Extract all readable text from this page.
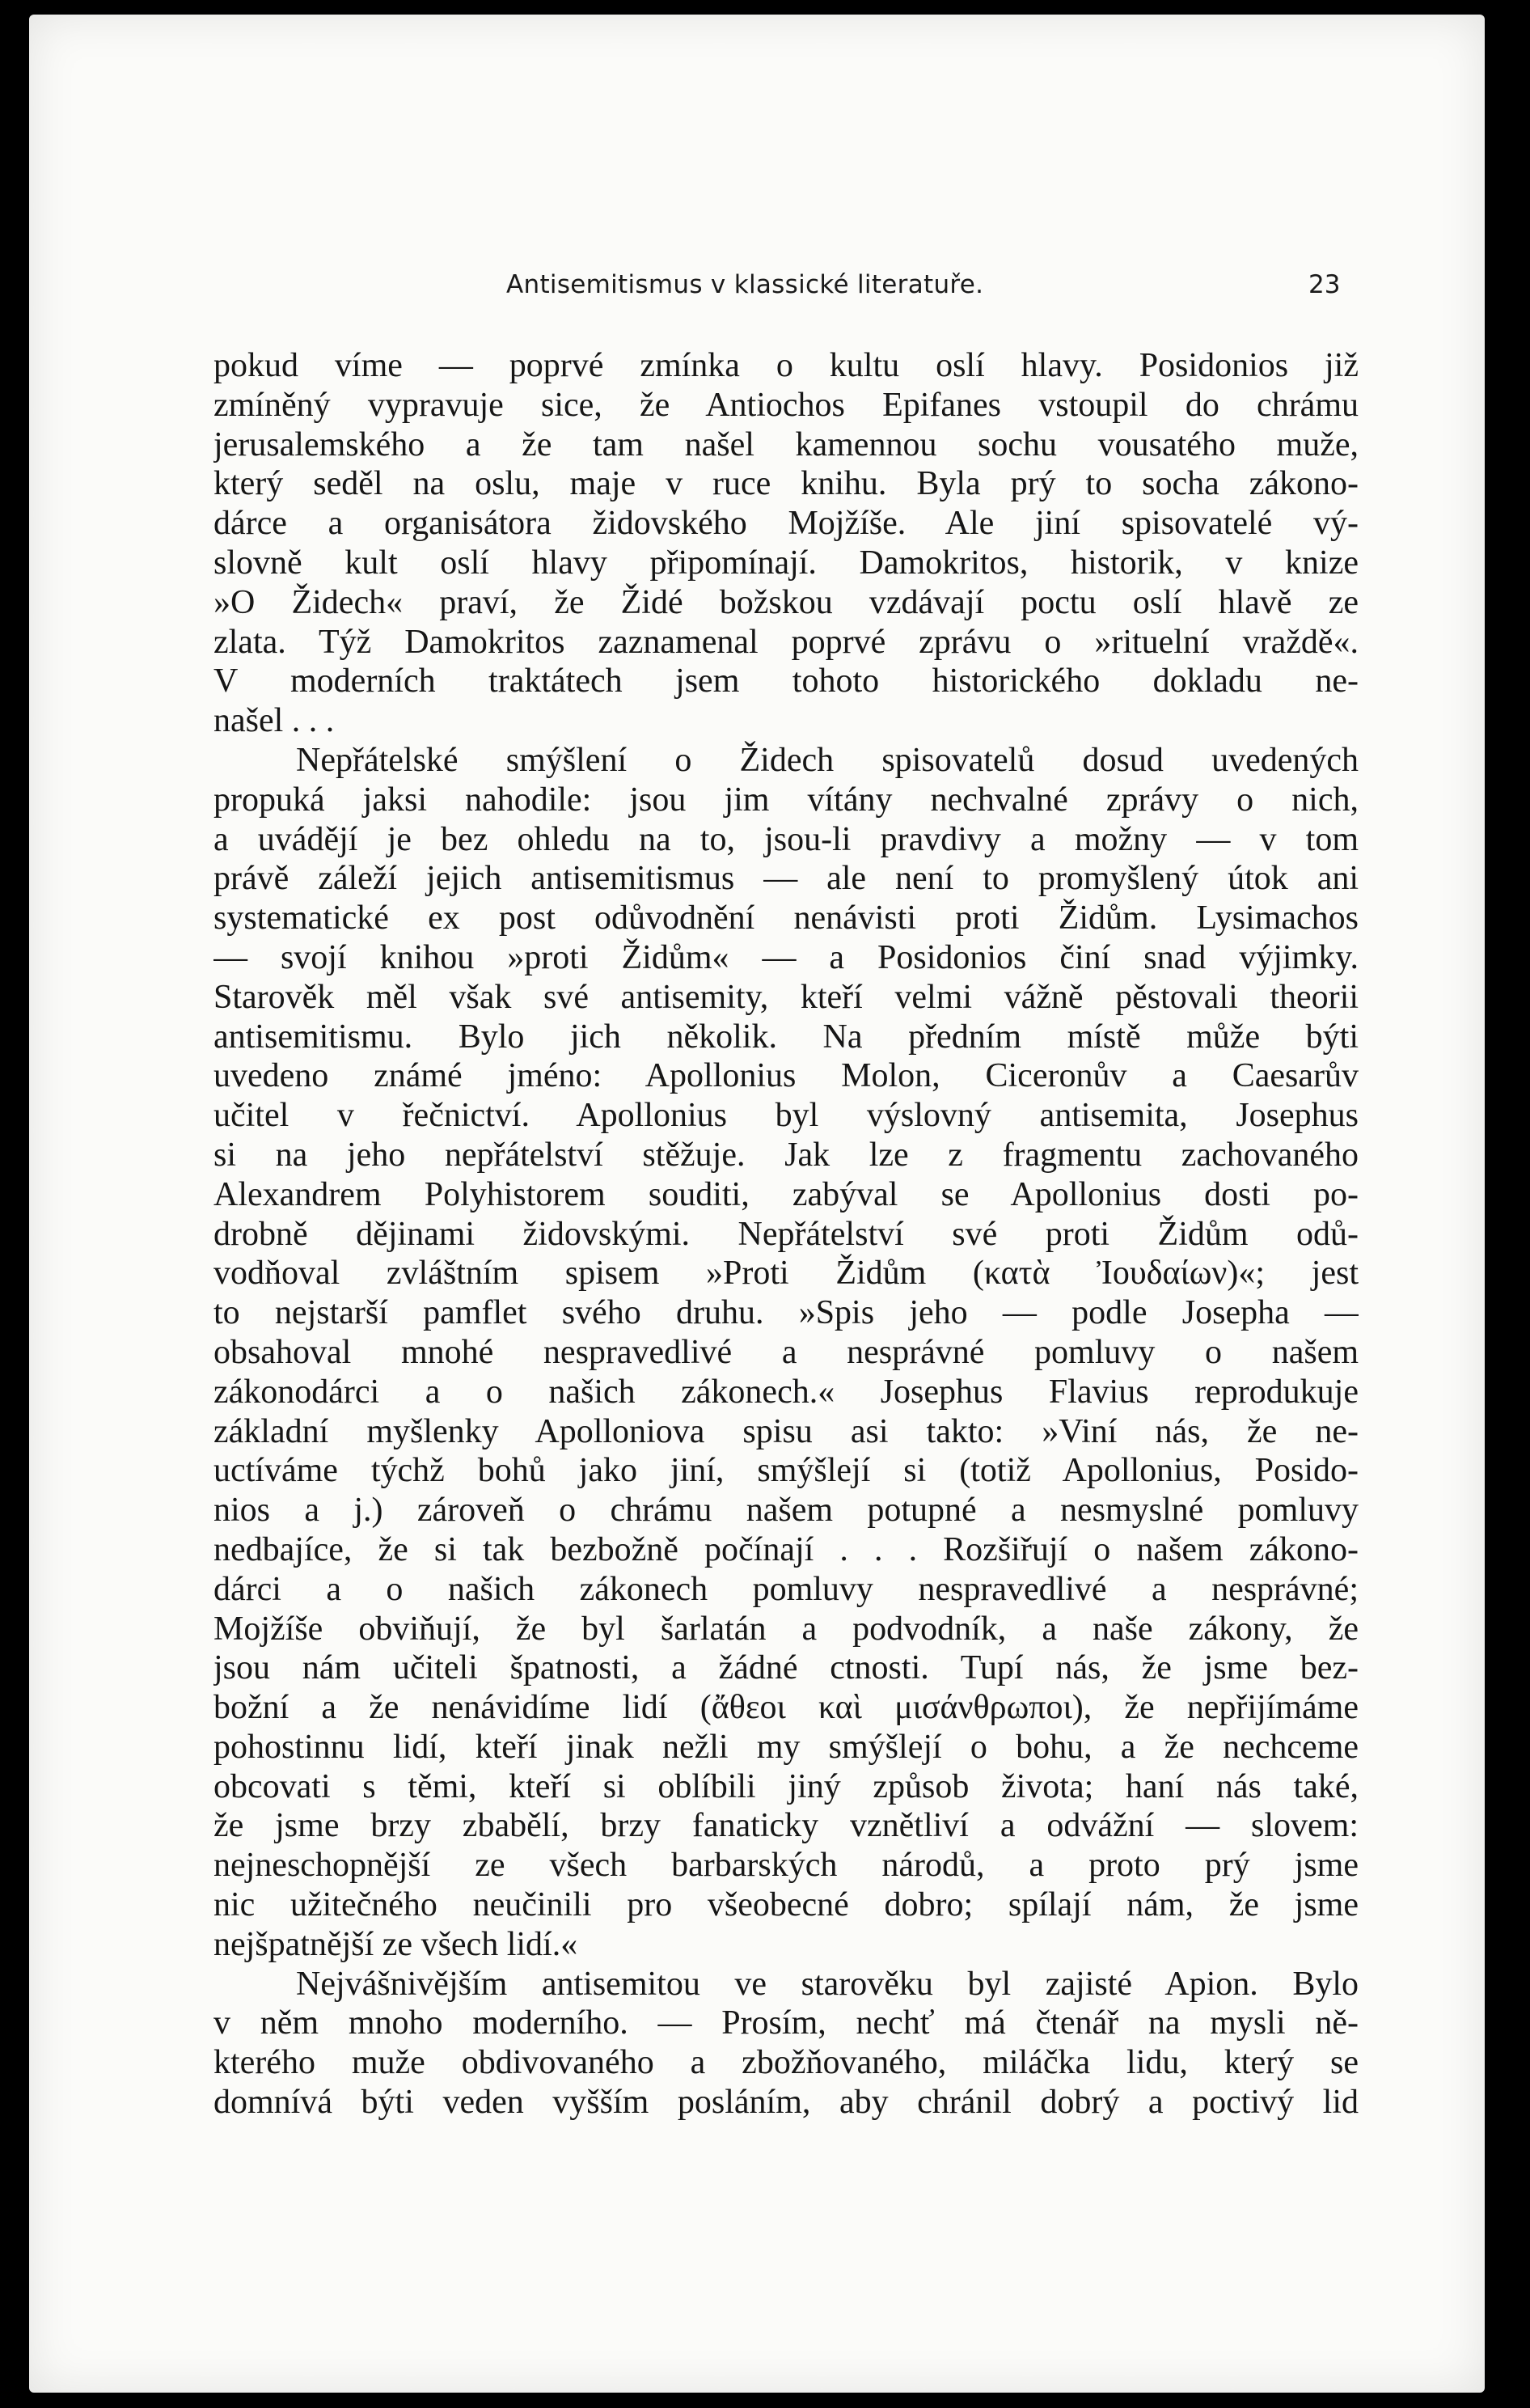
Antisemitismus v klassické literatuře.	23
pokud víme — poprvé zmínka o kultu oslí hlavy. Posidonios již
zmíněný vypravuje sice, že Antiochos Epifanes vstoupil do chrámu
jerusalemského a že tam našel kamennou sochu vousatého muže,
který seděl na oslu, maje v ruce knihu. Byla prý to socha zákono-
dárce a organisátora židovského Mojžíše. Ale jiní spisovatelé vý-
slovně kult oslí hlavy připomínají. Damokritos, historik, v knize
»O Židech« praví, že Židé božskou vzdávají poctu oslí hlavě ze
zlata. Týž Damokritos zaznamenal poprvé zprávu o »rituelní vraždě«.
V moderních traktátech jsem tohoto historického dokladu ne-
našel . . .
Nepřátelské smýšlení o Židech spisovatelů dosud uvedených
propuká jaksi nahodile: jsou jim vítány nechvalné zprávy o nich,
a uvádějí je bez ohledu na to, jsou-li pravdivy a možny — v tom
právě záleží jejich antisemitismus — ale není to promyšlený útok ani
systematické ex post odůvodnění nenávisti proti Židům. Lysimachos
— svojí knihou »proti Židům« — a Posidonios činí snad výjimky.
Starověk měl však své antisemity, kteří velmi vážně pěstovali theorii
antisemitismu. Bylo jich několik. Na předním místě může býti
uvedeno známé jméno: Apollonius Molon, Ciceronův a Caesarův
učitel v řečnictví. Apollonius byl výslovný antisemita, Josephus
si na jeho nepřátelství stěžuje. Jak lze z fragmentu zachovaného
Alexandrem Polyhistorem souditi, zabýval se Apollonius dosti po-
drobně dějinami židovskými. Nepřátelství své proti Židům odů-
vodňoval zvláštním spisem »Proti Židům (κατὰ Ἰουδαίων)«; jest
to nejstarší pamflet svého druhu. »Spis jeho — podle Josepha —
obsahoval mnohé nespravedlivé a nesprávné pomluvy o našem
zákonodárci a o našich zákonech.« Josephus Flavius reprodukuje
základní myšlenky Apolloniova spisu asi takto: »Viní nás, že ne-
uctíváme týchž bohů jako jiní, smýšlejí si (totiž Apollonius, Posido-
nios a j.) zároveň o chrámu našem potupné a nesmyslné pomluvy
nedbajíce, že si tak bezbožně počínají . . . Rozšiřují o našem zákono-
dárci a o našich zákonech pomluvy nespravedlivé a nesprávné;
Mojžíše obviňují, že byl šarlatán a podvodník, a naše zákony, že
jsou nám učiteli špatnosti, a žádné ctnosti. Tupí nás, že jsme bez-
božní a že nenávidíme lidí (ἄθεοι καὶ μισάνθρωποι), že nepřijímáme
pohostinnu lidí, kteří jinak nežli my smýšlejí o bohu, a že nechceme
obcovati s těmi, kteří si oblíbili jiný způsob života; haní nás také,
že jsme brzy zbabělí, brzy fanaticky vznětliví a odvážní — slovem:
nejneschopnější ze všech barbarských národů, a proto prý jsme
nic užitečného neučinili pro všeobecné dobro; spílají nám, že jsme
nejšpatnější ze všech lidí.«
Nejvášnivějším antisemitou ve starověku byl zajisté Apion. Bylo
v něm mnoho moderního. — Prosím, nechť má čtenář na mysli ně-
kterého muže obdivovaného a zbožňovaného, miláčka lidu, který se
domnívá býti veden vyšším posláním, aby chránil dobrý a poctivý lid
